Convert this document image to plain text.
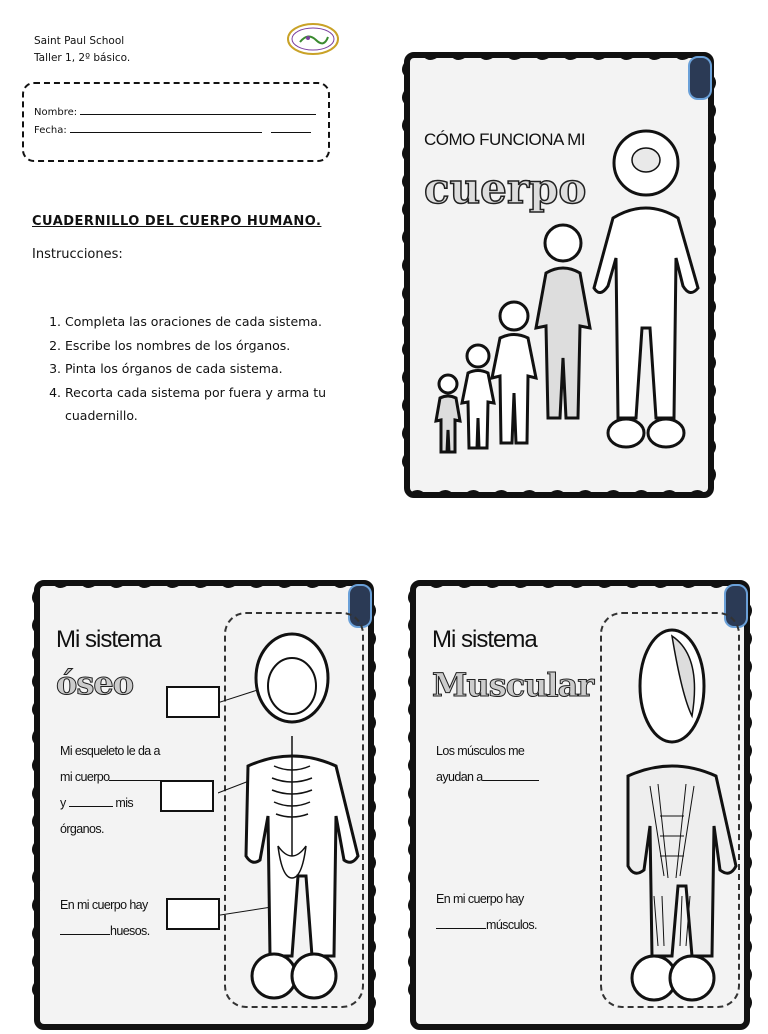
Saint Paul School
Taller 1, 2º básico.
Nombre:
Fecha:
CUADERNILLO DEL CUERPO HUMANO.
Instrucciones:
1. Completa las oraciones de cada sistema.
2. Escribe los nombres de los órganos.
3. Pinta los órganos de cada sistema.
4. Recorta cada sistema por fuera y arma tu cuadernillo.
CÓMO FUNCIONA MI
cuerpo
Mi sistema
óseo
Mi esqueleto le da a
mi cuerpo
y	mis
órganos.
En mi cuerpo hay
huesos.
Mi sistema
Muscular
Los músculos me
ayudan a
En mi cuerpo hay
músculos.
